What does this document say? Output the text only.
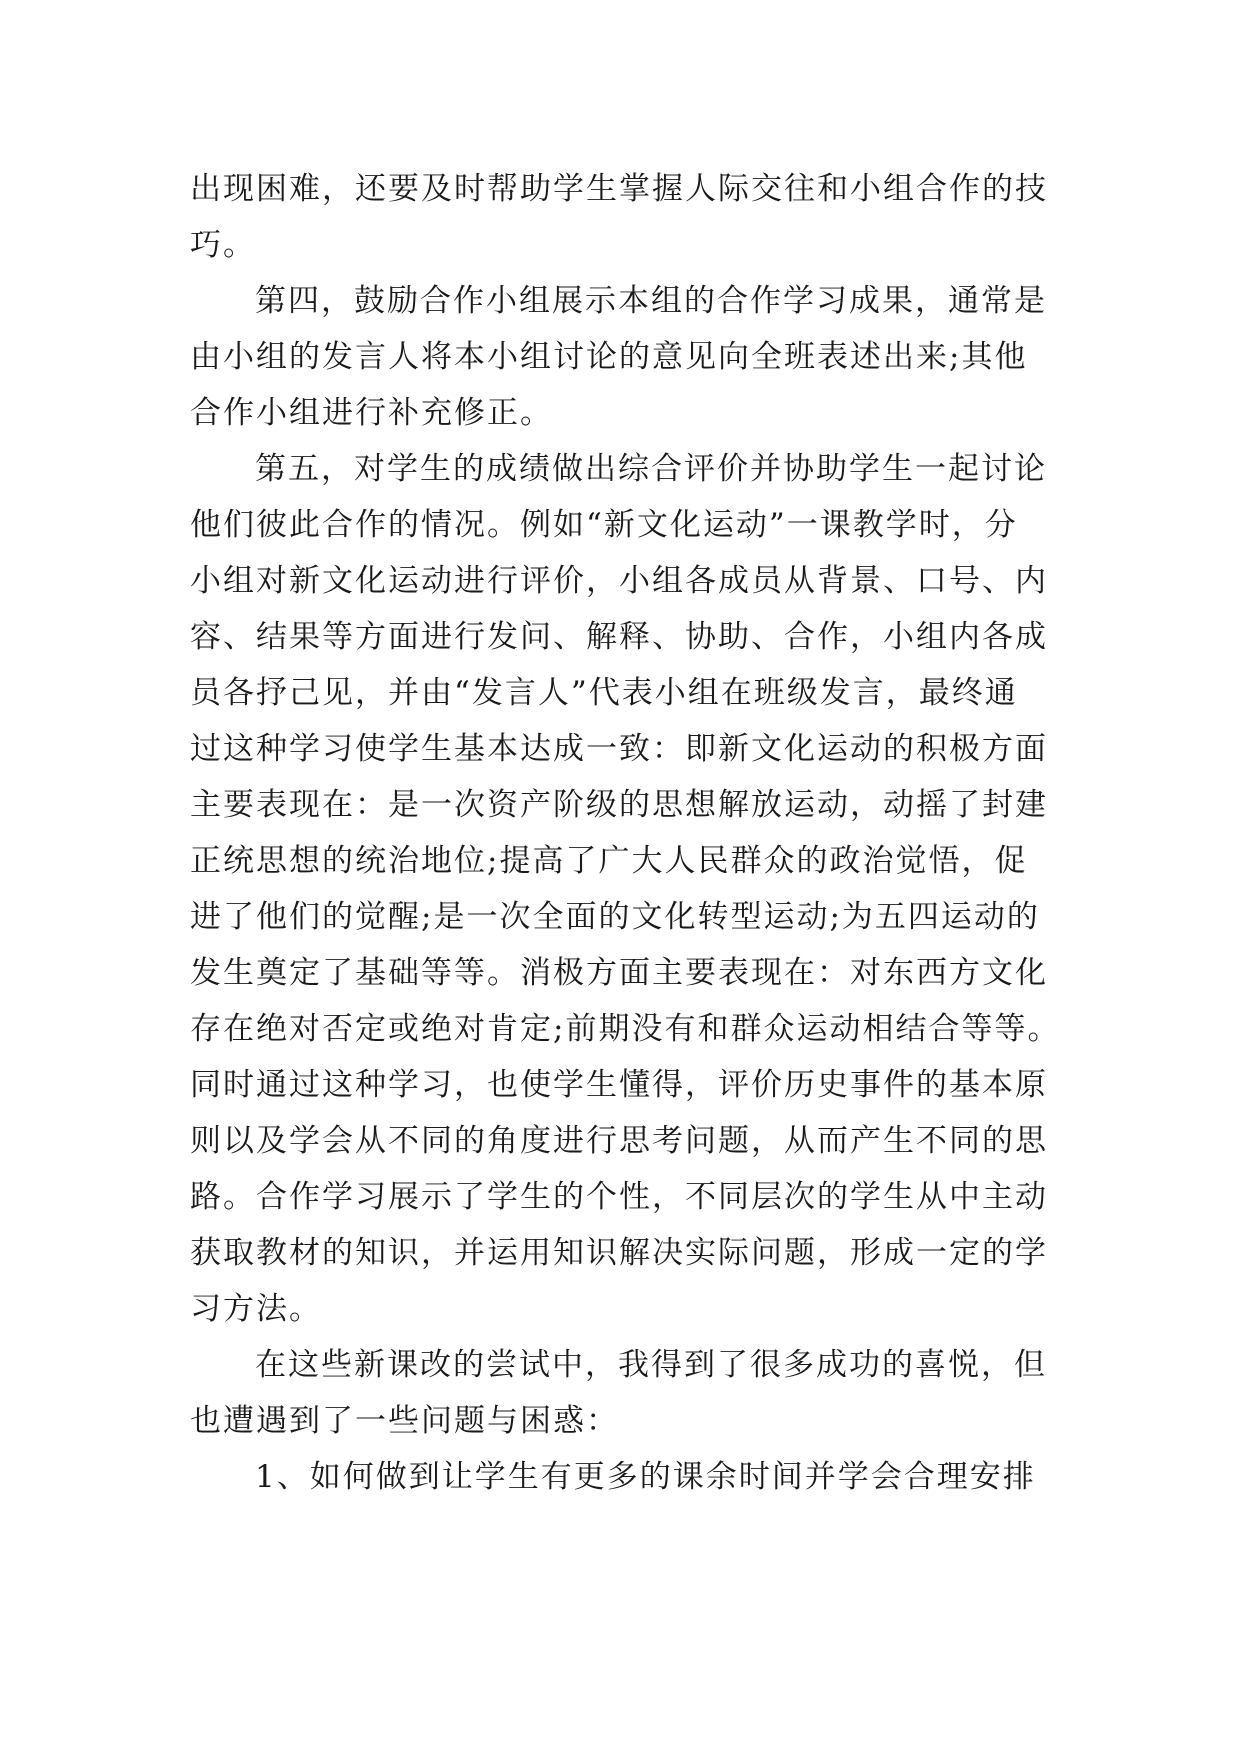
出现困难，还要及时帮助学生掌握人际交往和小组合作的技
巧。
第四，鼓励合作小组展示本组的合作学习成果，通常是
由小组的发言人将本小组讨论的意见向全班表述出来;其他
合作小组进行补充修正。
第五，对学生的成绩做出综合评价并协助学生一起讨论
他们彼此合作的情况。例如“新文化运动”一课教学时，分
小组对新文化运动进行评价，小组各成员从背景、口号、内
容、结果等方面进行发问、解释、协助、合作，小组内各成
员各抒己见，并由“发言人”代表小组在班级发言，最终通
过这种学习使学生基本达成一致：即新文化运动的积极方面
主要表现在：是一次资产阶级的思想解放运动，动摇了封建
正统思想的统治地位;提高了广大人民群众的政治觉悟，促
进了他们的觉醒;是一次全面的文化转型运动;为五四运动的
发生奠定了基础等等。消极方面主要表现在：对东西方文化
存在绝对否定或绝对肯定;前期没有和群众运动相结合等等。
同时通过这种学习，也使学生懂得，评价历史事件的基本原
则以及学会从不同的角度进行思考问题，从而产生不同的思
路。合作学习展示了学生的个性，不同层次的学生从中主动
获取教材的知识，并运用知识解决实际问题，形成一定的学
习方法。
在这些新课改的尝试中，我得到了很多成功的喜悦，但
也遭遇到了一些问题与困惑：
1、如何做到让学生有更多的课余时间并学会合理安排
